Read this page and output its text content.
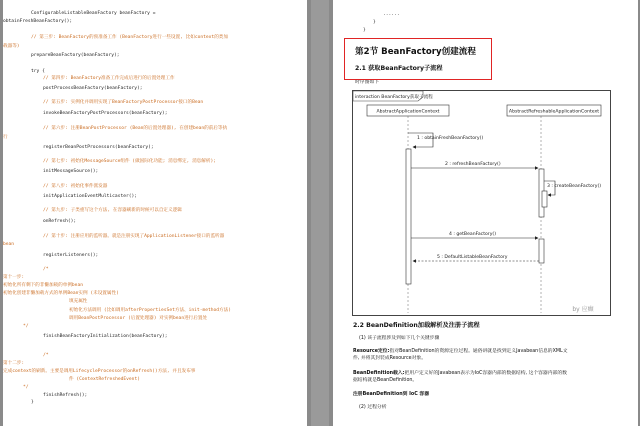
ConfigurableListableBeanFactory beanFactory =
obtainFreshBeanFactory();
// 第三步: BeanFactory的预准备工作 (BeanFactory进行一些设置, 比如context的类加
载器等)
prepareBeanFactory(beanFactory);
try {
// 第四步: BeanFactory准备工作完成后进行的后置处理工作
postProcessBeanFactory(beanFactory);
// 第五步: 实例化并调用实现了BeanFactoryPostProcessor接口的Bean
invokeBeanFactoryPostProcessors(beanFactory);
// 第六步: 注册BeanPostProcessor (Bean的后置处理器), 在创建bean的前后等执
行
registerBeanPostProcessors(beanFactory);
// 第七步: 初始化MessageSource组件 (做国际化功能; 消息绑定, 消息解析);
initMessageSource();
// 第八步: 初始化事件派发器
initApplicationEventMulticaster();
// 第九步: 子类重写这个方法, 在容器刷新的时候可以自定义逻辑
onRefresh();
// 第十步: 注册应用的监听器。就是注册实现了ApplicationListener接口的监听器
bean
registerListeners();
/*
第十一步:
初始化所有剩下的非懒加载的单例bean
初始化创建非懒加载方式的单例Bean实例 (未设置属性)
填充属性
初始化方法调用 (比如调用afterPropertiesSet方法、init-method方法)
调用BeanPostProcessor (后置处理器) 对实例bean进行后置处
*/
finishBeanFactoryInitialization(beanFactory);
/*
第十二步:
完成context的刷新。主要是调用LifecycleProcessor的onRefresh()方法, 并且发布事
件 (ContextRefreshedEvent)
*/
finishRefresh();
}
......
}
}
第2节 BeanFactory创建流程
2.1 获取BeanFactory子流程
时序图如下
2.2 BeanDefinition加载解析及注册子流程
(1) 该子流程涉及到如下几个关键步骤
Resource定位:指对BeanDefinition的资源定位过程。通俗讲就是找到定义Javabean信息的XML文
件, 并将其封装成Resource对象。
BeanDefinition载入:把用户定义好的Javabean表示为IoC容器内部的数据结构, 这个容器内部的数
据结构就是BeanDefinition。
注册BeanDefinition到 IoC 容器
(2) 过程分析
interaction BeanFactory获取子流程
AbstractApplicationContext	AbstractRefreshableApplicationContext
1 : obtainFreshBeanFactory()
2 : refreshBeanFactory()
3 : createBeanFactory()
4 : getBeanFactory()
5 : DefaultListableBeanFactory
by 应癫
